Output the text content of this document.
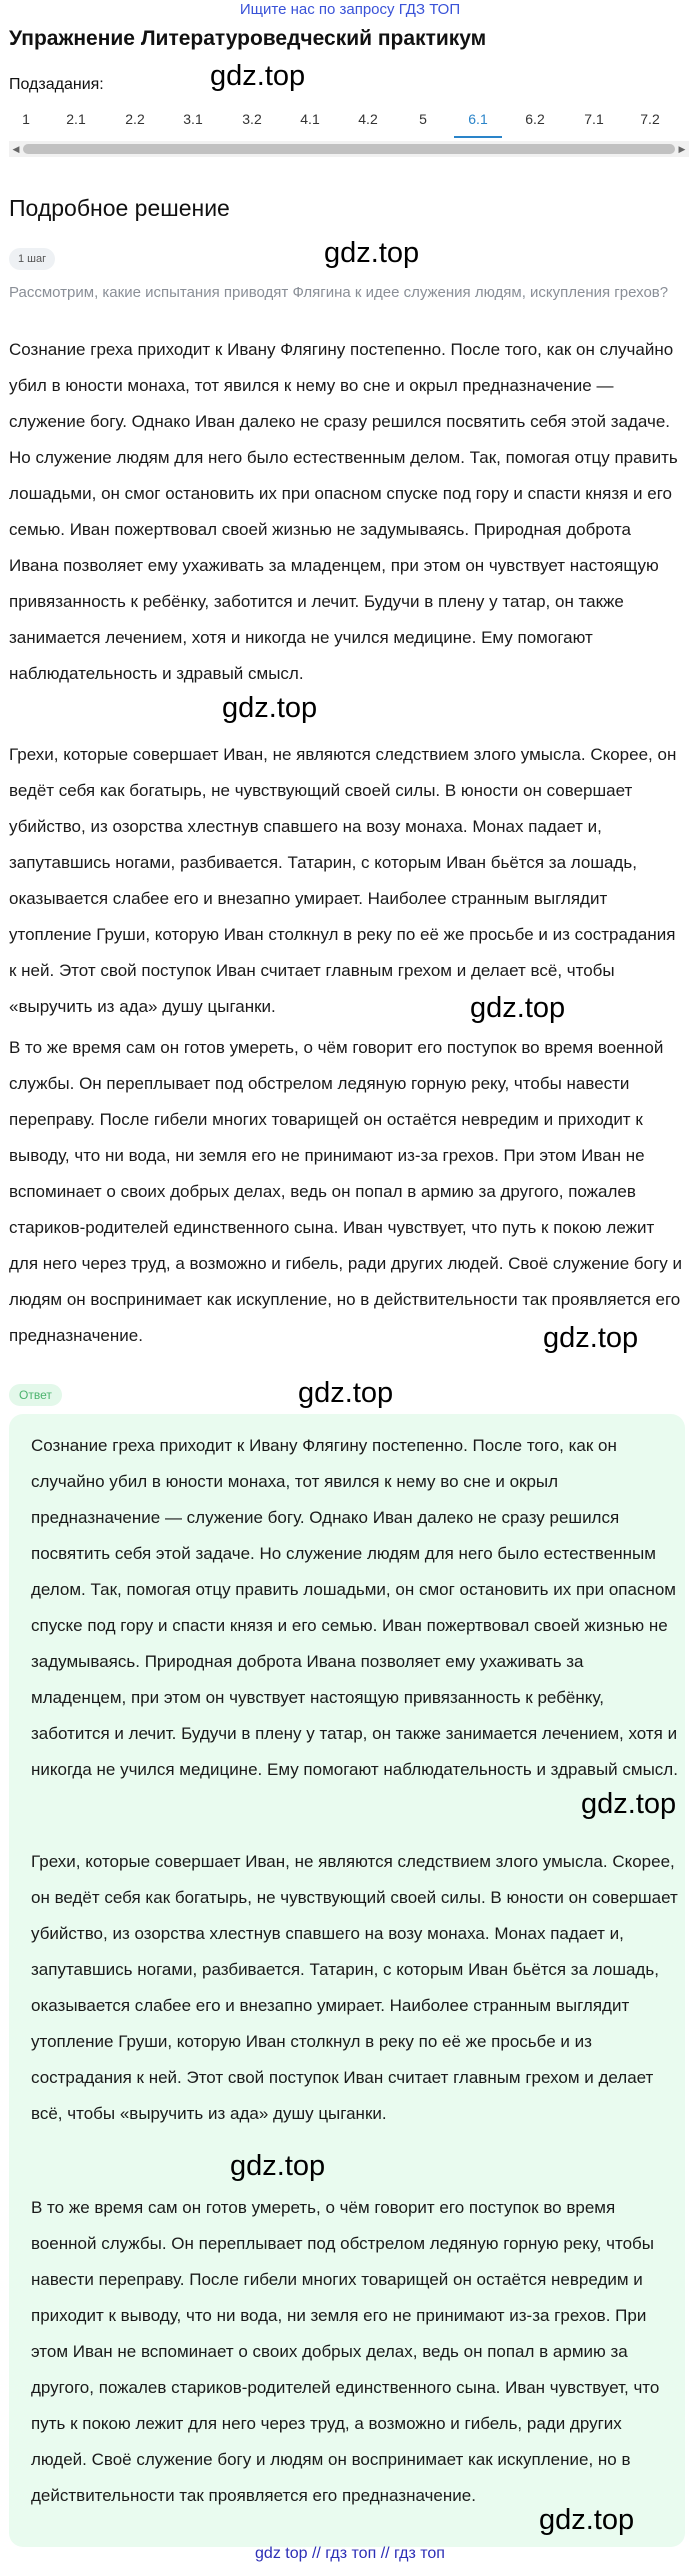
Ищите нас по запросу ГДЗ ТОП
Упражнение Литературоведческий практикум
Подзадания:	gdz.top
1	2.1	2.2	3.1	3.2	4.1	4.2	5	6.1	6.2	7.1	7.2
◀	▶
Подробное решение
1 шаг	gdz.top
Рассмотрим, какие испытания приводят Флягина к идее служения людям, искупления грехов?

Сознание греха приходит к Ивану Флягину постепенно. После того, как он случайно убил в юности монаха, тот явился к нему во сне и окрыл предназначение — служение богу. Однако Иван далеко не сразу решился посвятить себя этой задаче. Но служение людям для него было естественным делом. Так, помогая отцу править лошадьми, он смог остановить их при опасном спуске под гору и спасти князя и его семью. Иван пожертвовал своей жизнью не задумываясь. Природная доброта Ивана позволяет ему ухаживать за младенцем, при этом он чувствует настоящую привязанность к ребёнку, заботится и лечит. Будучи в плену у татар, он также занимается лечением, хотя и никогда не учился медицине. Ему помогают наблюдательность и здравый смысл.

gdz.top

Грехи, которые совершает Иван, не являются следствием злого умысла. Скорее, он ведёт себя как богатырь, не чувствующий своей силы. В юности он совершает убийство, из озорства хлестнув спавшего на возу монаха. Монах падает и, запутавшись ногами, разбивается. Татарин, с которым Иван бьётся за лошадь, оказывается слабее его и внезапно умирает. Наиболее странным выглядит утопление Груши, которую Иван столкнул в реку по её же просьбе и из сострадания к ней. Этот свой поступок Иван считает главным грехом и делает всё, чтобы «выручить из ада» душу цыганки.	gdz.top

В то же время сам он готов умереть, о чём говорит его поступок во время военной службы. Он переплывает под обстрелом ледяную горную реку, чтобы навести переправу. После гибели многих товарищей он остаётся невредим и приходит к выводу, что ни вода, ни земля его не принимают из-за грехов. При этом Иван не вспоминает о своих добрых делах, ведь он попал в армию за другого, пожалев стариков-родителей единственного сына. Иван чувствует, что путь к покою лежит для него через труд, а возможно и гибель, ради других людей. Своё служение богу и людям он воспринимает как искупление, но в действительности так проявляется его предназначение.	gdz.top
Ответ	gdz.top

Сознание греха приходит к Ивану Флягину постепенно. После того, как он случайно убил в юности монаха, тот явился к нему во сне и окрыл предназначение — служение богу. Однако Иван далеко не сразу решился посвятить себя этой задаче. Но служение людям для него было естественным делом. Так, помогая отцу править лошадьми, он смог остановить их при опасном спуске под гору и спасти князя и его семью. Иван пожертвовал своей жизнью не задумываясь. Природная доброта Ивана позволяет ему ухаживать за младенцем, при этом он чувствует настоящую привязанность к ребёнку, заботится и лечит. Будучи в плену у татар, он также занимается лечением, хотя и никогда не учился медицине. Ему помогают наблюдательность и здравый смысл.

gdz.top

Грехи, которые совершает Иван, не являются следствием злого умысла. Скорее, он ведёт себя как богатырь, не чувствующий своей силы. В юности он совершает убийство, из озорства хлестнув спавшего на возу монаха. Монах падает и, запутавшись ногами, разбивается. Татарин, с которым Иван бьётся за лошадь, оказывается слабее его и внезапно умирает. Наиболее странным выглядит утопление Груши, которую Иван столкнул в реку по её же просьбе и из сострадания к ней. Этот свой поступок Иван считает главным грехом и делает всё, чтобы «выручить из ада» душу цыганки.

gdz.top

В то же время сам он готов умереть, о чём говорит его поступок во время военной службы. Он переплывает под обстрелом ледяную горную реку, чтобы навести переправу. После гибели многих товарищей он остаётся невредим и приходит к выводу, что ни вода, ни земля его не принимают из-за грехов. При этом Иван не вспоминает о своих добрых делах, ведь он попал в армию за другого, пожалев стариков-родителей единственного сына. Иван чувствует, что путь к покою лежит для него через труд, а возможно и гибель, ради других людей. Своё служение богу и людям он воспринимает как искупление, но в действительности так проявляется его предназначение.

gdz.top
gdz top // гдз топ // гдз топ
